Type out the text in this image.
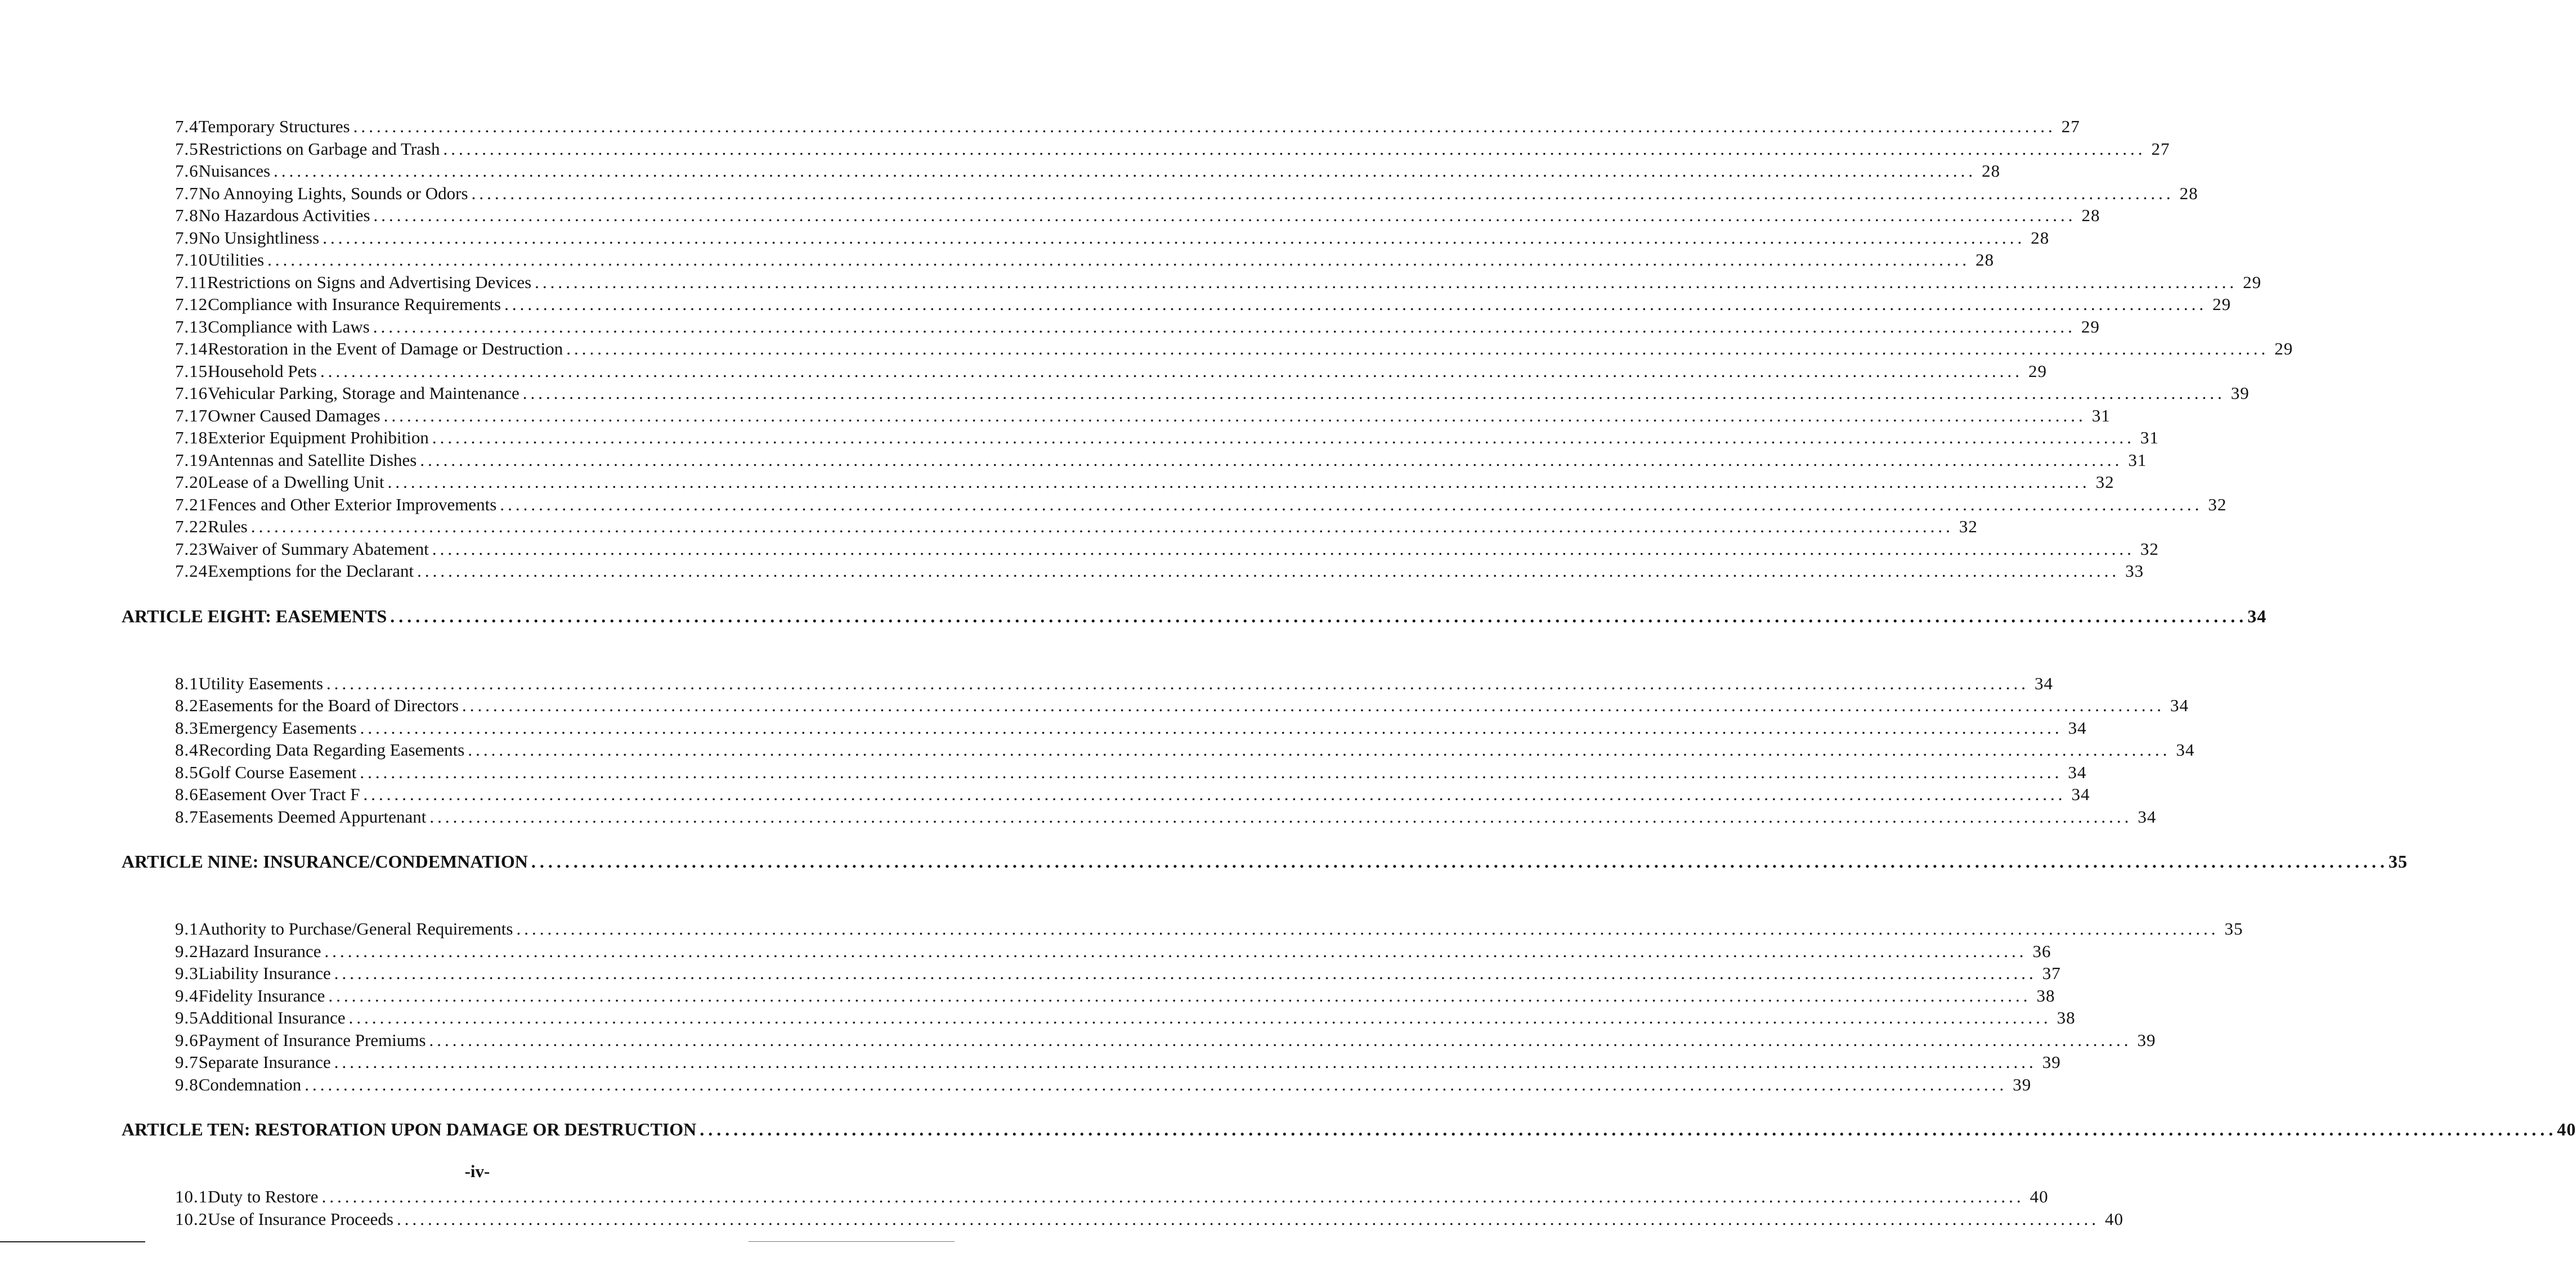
7.4 Temporary Structures ............................................................................................................................................................................................................................ 27
7.5 Restrictions on Garbage and Trash ............................................................................................................................................................................................................................ 27
7.6 Nuisances ............................................................................................................................................................................................................................ 28
7.7 No Annoying Lights, Sounds or Odors ............................................................................................................................................................................................................................ 28
7.8 No Hazardous Activities ............................................................................................................................................................................................................................ 28
7.9 No Unsightliness ............................................................................................................................................................................................................................ 28
7.10 Utilities ............................................................................................................................................................................................................................ 28
7.11 Restrictions on Signs and Advertising Devices ............................................................................................................................................................................................................................ 29
7.12 Compliance with Insurance Requirements ............................................................................................................................................................................................................................ 29
7.13 Compliance with Laws ............................................................................................................................................................................................................................ 29
7.14 Restoration in the Event of Damage or Destruction ............................................................................................................................................................................................................................ 29
7.15 Household Pets ............................................................................................................................................................................................................................ 29
7.16 Vehicular Parking, Storage and Maintenance ............................................................................................................................................................................................................................ 39
7.17 Owner Caused Damages ............................................................................................................................................................................................................................ 31
7.18 Exterior Equipment Prohibition ............................................................................................................................................................................................................................ 31
7.19 Antennas and Satellite Dishes ............................................................................................................................................................................................................................ 31
7.20 Lease of a Dwelling Unit ............................................................................................................................................................................................................................ 32
7.21 Fences and Other Exterior Improvements ............................................................................................................................................................................................................................ 32
7.22 Rules ............................................................................................................................................................................................................................ 32
7.23 Waiver of Summary Abatement ............................................................................................................................................................................................................................ 32
7.24 Exemptions for the Declarant ............................................................................................................................................................................................................................ 33
ARTICLE EIGHT: EASEMENTS ............................................................................................................................................................................................................................ 34
8.1 Utility Easements ............................................................................................................................................................................................................................ 34
8.2 Easements for the Board of Directors ............................................................................................................................................................................................................................ 34
8.3 Emergency Easements ............................................................................................................................................................................................................................ 34
8.4 Recording Data Regarding Easements ............................................................................................................................................................................................................................ 34
8.5 Golf Course Easement ............................................................................................................................................................................................................................ 34
8.6 Easement Over Tract F ............................................................................................................................................................................................................................ 34
8.7 Easements Deemed Appurtenant ............................................................................................................................................................................................................................ 34
ARTICLE NINE: INSURANCE/CONDEMNATION ............................................................................................................................................................................................................................ 35
9.1 Authority to Purchase/General Requirements ............................................................................................................................................................................................................................ 35
9.2 Hazard Insurance ............................................................................................................................................................................................................................ 36
9.3 Liability Insurance ............................................................................................................................................................................................................................ 37
9.4 Fidelity Insurance ............................................................................................................................................................................................................................ 38
9.5 Additional Insurance ............................................................................................................................................................................................................................ 38
9.6 Payment of Insurance Premiums ............................................................................................................................................................................................................................ 39
9.7 Separate Insurance ............................................................................................................................................................................................................................ 39
9.8 Condemnation ............................................................................................................................................................................................................................ 39
ARTICLE TEN: RESTORATION UPON DAMAGE OR DESTRUCTION ............................................................................................................................................................................................................................ 40
10.1 Duty to Restore ............................................................................................................................................................................................................................ 40
10.2 Use of Insurance Proceeds ............................................................................................................................................................................................................................ 40
-iv-
